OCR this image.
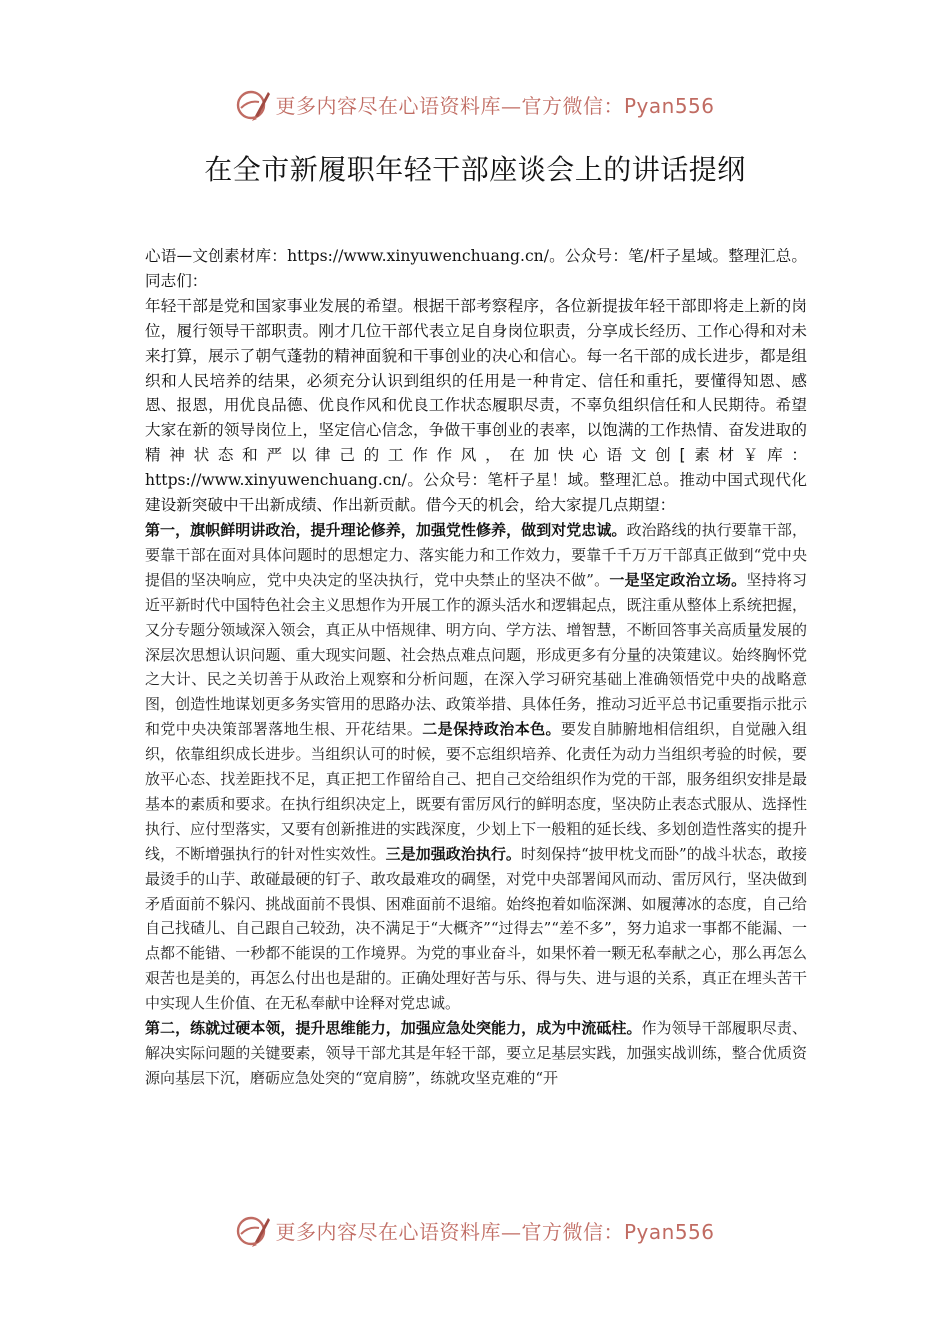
更多内容尽在心语资料库—官方微信：Pyan556
在全市新履职年轻干部座谈会上的讲话提纲

心语—文创素材库：https://www.xinyuwenchuang.cn/。公众号：笔/杆子星域。整理汇总。同志们：

年轻干部是党和国家事业发展的希望。根据干部考察程序，各位新提拔年轻干部即将走上新的岗位，履行领导干部职责。刚才几位干部代表立足自身岗位职责，分享成长经历、工作心得和对未来打算，展示了朝气蓬勃的精神面貌和干事创业的决心和信心。每一名干部的成长进步，都是组织和人民培养的结果，必须充分认识到组织的任用是一种肯定、信任和重托，要懂得知恩、感恩、报恩，用优良品德、优良作风和优良工作状态履职尽责，不辜负组织信任和人民期待。希望大家在新的领导岗位上，坚定信心信念，争做干事创业的表率，以饱满的工作热情、奋发进取的精神状态和严以律己的工作作风，在加快心语文创[素材￥库：https://www.xinyuwenchuang.cn/。公众号：笔杆子星！域。整理汇总。推动中国式现代化建设新突破中干出新成绩、作出新贡献。借今天的机会，给大家提几点期望：

第一，旗帜鲜明讲政治，提升理论修养，加强党性修养，做到对党忠诚。政治路线的执行要靠干部，要靠干部在面对具体问题时的思想定力、落实能力和工作效力，要靠千千万万干部真正做到“党中央提倡的坚决响应，党中央决定的坚决执行，党中央禁止的坚决不做”。一是坚定政治立场。坚持将习近平新时代中国特色社会主义思想作为开展工作的源头活水和逻辑起点，既注重从整体上系统把握，又分专题分领域深入领会，真正从中悟规律、明方向、学方法、增智慧，不断回答事关高质量发展的深层次思想认识问题、重大现实问题、社会热点难点问题，形成更多有分量的决策建议。始终胸怀党之大计、民之关切善于从政治上观察和分析问题，在深入学习研究基础上准确领悟党中央的战略意图，创造性地谋划更多务实管用的思路办法、政策举措、具体任务，推动习近平总书记重要指示批示和党中央决策部署落地生根、开花结果。二是保持政治本色。要发自肺腑地相信组织，自觉融入组织，依靠组织成长进步。当组织认可的时候，要不忘组织培养、化责任为动力当组织考验的时候，要放平心态、找差距找不足，真正把工作留给自己、把自己交给组织作为党的干部，服务组织安排是最基本的素质和要求。在执行组织决定上，既要有雷厉风行的鲜明态度，坚决防止表态式服从、选择性执行、应付型落实，又要有创新推进的实践深度，少划上下一般粗的延长线、多划创造性落实的提升线，不断增强执行的针对性实效性。三是加强政治执行。时刻保持“披甲枕戈而卧”的战斗状态，敢接最烫手的山芋、敢碰最硬的钉子、敢攻最难攻的碉堡，对党中央部署闻风而动、雷厉风行，坚决做到矛盾面前不躲闪、挑战面前不畏惧、困难面前不退缩。始终抱着如临深渊、如履薄冰的态度，自己给自己找碴儿、自己跟自己较劲，决不满足于“大概齐”“过得去”“差不多”，努力追求一事都不能漏、一点都不能错、一秒都不能误的工作境界。为党的事业奋斗，如果怀着一颗无私奉献之心，那么再怎么艰苦也是美的，再怎么付出也是甜的。正确处理好苦与乐、得与失、进与退的关系，真正在埋头苦干中实现人生价值、在无私奉献中诠释对党忠诚。

第二，练就过硬本领，提升思维能力，加强应急处突能力，成为中流砥柱。作为领导干部履职尽责、解决实际问题的关键要素，领导干部尤其是年轻干部，要立足基层实践，加强实战训练，整合优质资源向基层下沉，磨砺应急处突的“宽肩膀”，练就攻坚克难的“开

更多内容尽在心语资料库—官方微信：Pyan556
